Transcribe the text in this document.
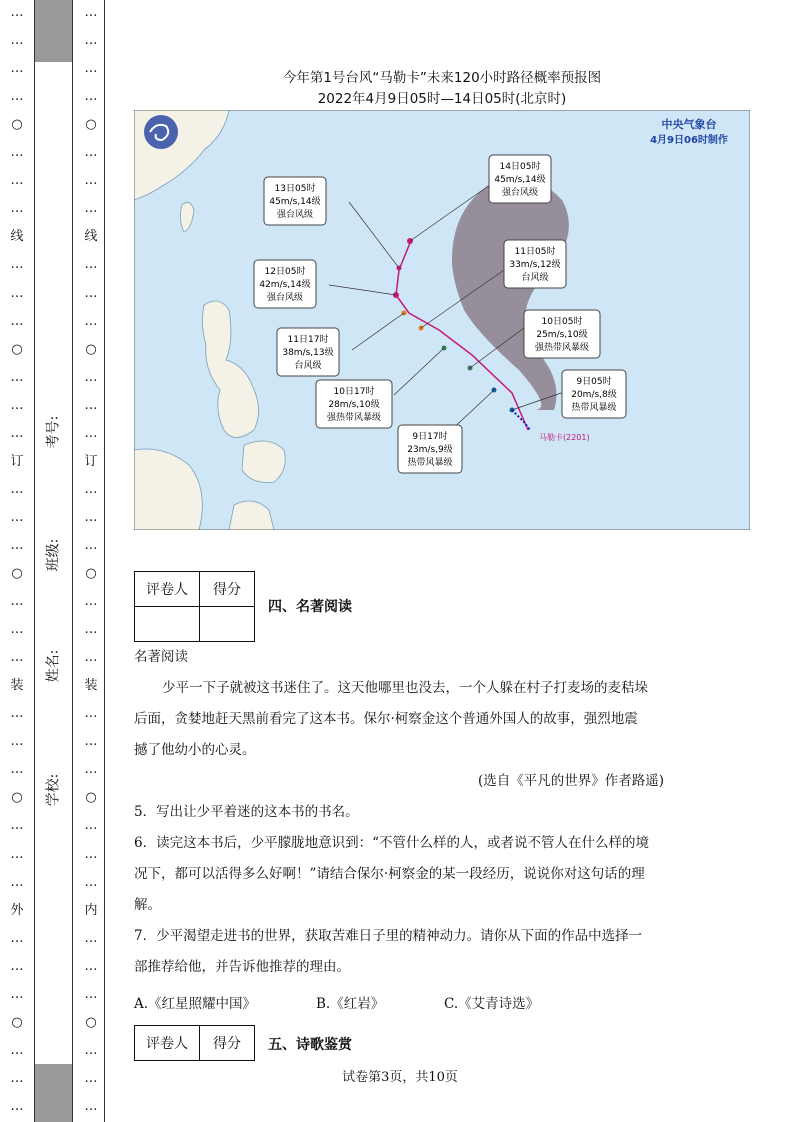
…
…
…
…
○
…
…
…
线
…
…
…
○
…
…
…
订
…
…
…
○
…
…
…
装
…
…
…
○
…
…
…
外
…
…
…
○
…
…
…
…
…
…
…
○
…
…
…
线
…
…
…
○
…
…
…
订
…
…
…
○
…
…
…
装
…
…
…
○
…
…
…
内
…
…
…
○
…
…
…
考号:
班级:
姓名:
学校:
今年第1号台风“马勒卡”未来120小时路径概率预报图
2022年4月9日05时—14日05时(北京时)
中央气象台
4月9日06时制作
马勒卡(2201)
14日05时
45m/s,14级
强台风级
13日05时
45m/s,14级
强台风级
12日05时
42m/s,14级
强台风级
11日05时
33m/s,12级
台风级
11日17时
38m/s,13级
台风级
10日05时
25m/s,10级
强热带风暴级
10日17时
28m/s,10级
强热带风暴级
9日05时
20m/s,8级
热带风暴级
9日17时
23m/s,9级
热带风暴级
评卷人	得分

四、名著阅读
名著阅读
少平一下子就被这书迷住了。这天他哪里也没去，一个人躲在村子打麦场的麦秸垛
后面，贪婪地赶天黑前看完了这本书。保尔·柯察金这个普通外国人的故事，强烈地震
撼了他幼小的心灵。
(选自《平凡的世界》作者路遥)
5．写出让少平着迷的这本书的书名。
6．读完这本书后，少平朦胧地意识到：“不管什么样的人，或者说不管人在什么样的境
况下，都可以活得多么好啊！”请结合保尔·柯察金的某一段经历，说说你对这句话的理
解。
7．少平渴望走进书的世界，获取苦难日子里的精神动力。请你从下面的作品中选择一
部推荐给他，并告诉他推荐的理由。
A.《红星照耀中国》	B.《红岩》	C.《艾青诗选》
评卷人	得分 五、诗歌鉴赏
试卷第3页，共10页
